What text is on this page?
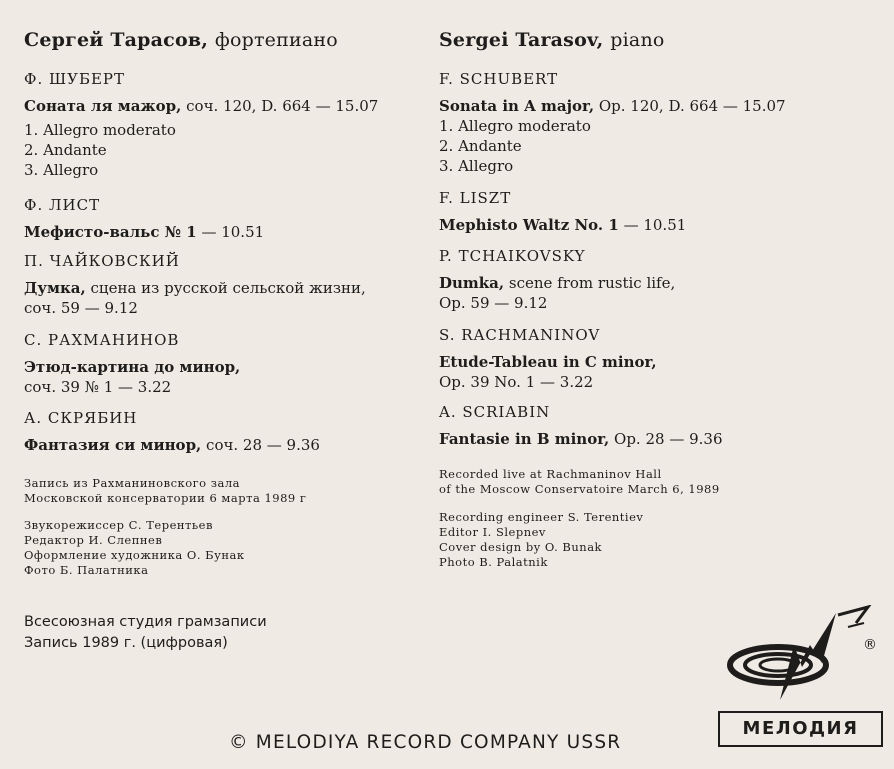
Сергей Тарасов, фортепиано

Ф. ШУБЕРТ

Соната ля мажор, соч. 120, D. 664 — 15.07

1. Allegro moderato

2. Andante

3. Allegro

Ф. ЛИСТ

Мефисто-вальс № 1 — 10.51

П. ЧАЙКОВСКИЙ

Думка, сцена из русской сельской жизни,
соч. 59 — 9.12

С. РАХМАНИНОВ

Этюд-картина до минор,
соч. 39 № 1 — 3.22

А. СКРЯБИН

Фантазия си минор, соч. 28 — 9.36

Запись из Рахманиновского зала
Московской консерватории 6 марта 1989 г
Звукорежиссер С. Терентьев
Редактор И. Слепнев
Оформление художника О. Бунак
Фото Б. Палатника
Sergei Tarasov, piano

F. SCHUBERT

Sonata in A major, Op. 120, D. 664 — 15.07

1. Allegro moderato

2. Andante

3. Allegro

F. LISZT

Mephisto Waltz No. 1 — 10.51

P. TCHAIKOVSKY

Dumka, scene from rustic life,
Op. 59 — 9.12

S. RACHMANINOV

Etude-Tableau in C minor,
Op. 39 No. 1 — 3.22

A. SCRIABIN

Fantasie in B minor, Op. 28 — 9.36

Recorded live at Rachmaninov Hall
of the Moscow Conservatoire March 6, 1989
Recording engineer S. Terentiev
Editor I. Slepnev
Cover design by O. Bunak
Photo B. Palatnik
Всесоюзная студия грамзаписи
Запись 1989 г. (цифровая)	®
МЕЛОДИЯ
© MELODIYA RECORD COMPANY USSR
